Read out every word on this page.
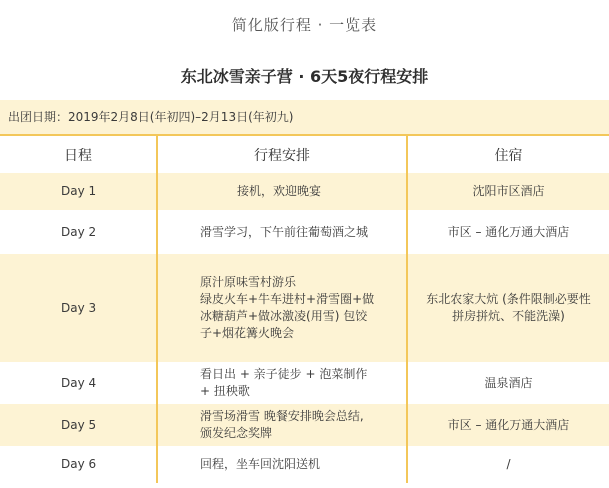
简化版行程 · 一览表
东北冰雪亲子营 · 6天5夜行程安排
出团日期：2019年2月8日(年初四)–2月13日(年初九)
日程	行程安排	住宿
Day 1	接机，欢迎晚宴	沈阳市区酒店

Day 2	滑雪学习，下午前往葡萄酒之城	市区 – 通化万通大酒店

Day 3	原汁原味雪村游乐
绿皮火车+牛车进村+滑雪圈+做
冰糖葫芦+做冰激凌(用雪) 包饺
子+烟花篝火晚会	东北农家大炕 (条件限制必要性
拼房拼炕、不能洗澡)

Day 4	看日出 + 亲子徒步 + 泡菜制作
+ 扭秧歌	温泉酒店

Day 5	滑雪场滑雪 晚餐安排晚会总结,
颁发纪念奖牌	市区 – 通化万通大酒店

Day 6	回程，坐车回沈阳送机	/
